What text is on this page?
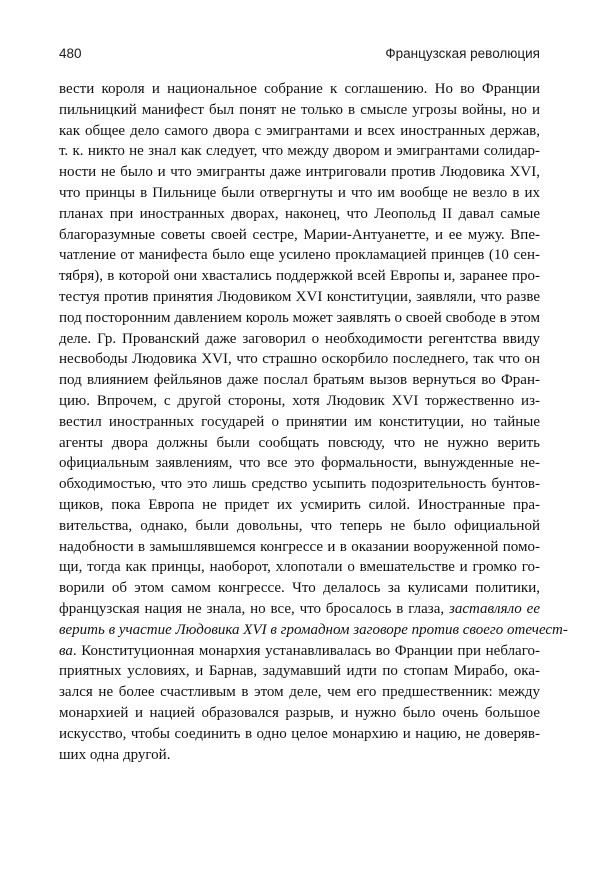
480	Французская революция
вести короля и национальное собрание к соглашению. Но во Франции
пильницкий манифест был понят не только в смысле угрозы войны, но и
как общее дело самого двора с эмигрантами и всех иностранных держав,
т. к. никто не знал как следует, что между двором и эмигрантами солидар-
ности не было и что эмигранты даже интриговали против Людовика XVI,
что принцы в Пильнице были отвергнуты и что им вообще не везло в их
планах при иностранных дворах, наконец, что Леопольд II давал самые
благоразумные советы своей сестре, Марии-Антуанетте, и ее мужу. Впе-
чатление от манифеста было еще усилено прокламацией принцев (10 сен-
тября), в которой они хвастались поддержкой всей Европы и, заранее про-
тестуя против принятия Людовиком XVI конституции, заявляли, что разве
под посторонним давлением король может заявлять о своей свободе в этом
деле. Гр. Прованский даже заговорил о необходимости регентства ввиду
несвободы Людовика XVI, что страшно оскорбило последнего, так что он
под влиянием фейльянов даже послал братьям вызов вернуться во Фран-
цию. Впрочем, с другой стороны, хотя Людовик XVI торжественно из-
вестил иностранных государей о принятии им конституции, но тайные
агенты двора должны были сообщать повсюду, что не нужно верить
официальным заявлениям, что все это формальности, вынужденные не-
обходимостью, что это лишь средство усыпить подозрительность бунтов-
щиков, пока Европа не придет их усмирить силой. Иностранные пра-
вительства, однако, были довольны, что теперь не было официальной
надобности в замышлявшемся конгрессе и в оказании вооруженной помо-
щи, тогда как принцы, наоборот, хлопотали о вмешательстве и громко го-
ворили об этом самом конгрессе. Что делалось за кулисами политики,
французская нация не знала, но все, что бросалось в глаза, заставляло ее
верить в участие Людовика XVI в громадном заговоре против своего отечест-
ва. Конституционная монархия устанавливалась во Франции при неблаго-
приятных условиях, и Барнав, задумавший идти по стопам Мирабо, ока-
зался не более счастливым в этом деле, чем его предшественник: между
монархией и нацией образовался разрыв, и нужно было очень большое
искусство, чтобы соединить в одно целое монархию и нацию, не доверяв-
ших одна другой.
